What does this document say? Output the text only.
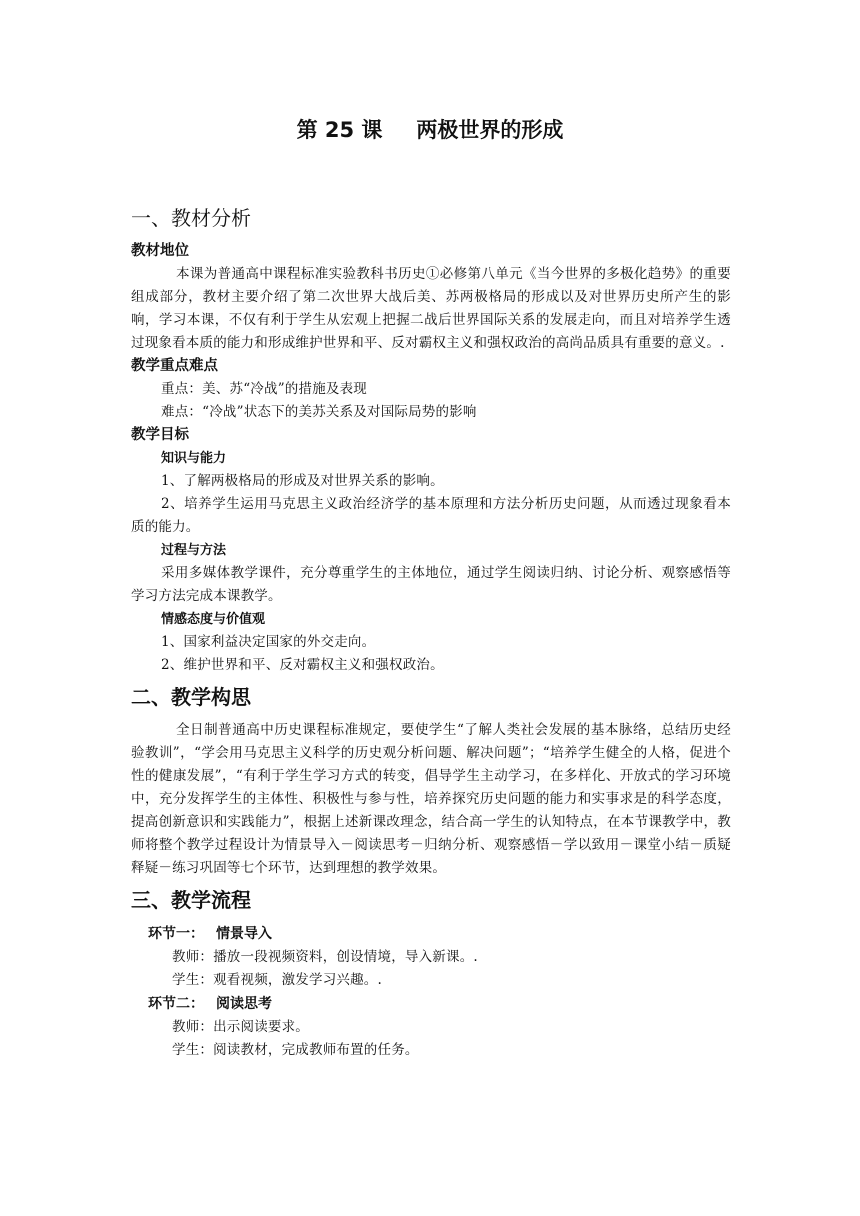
第 25 课 两极世界的形成
一、教材分析
教材地位

本课为普通高中课程标准实验教科书历史①必修第八单元《当今世界的多极化趋势》的重要组成部分，教材主要介绍了第二次世界大战后美、苏两极格局的形成以及对世界历史所产生的影响，学习本课，不仅有利于学生从宏观上把握二战后世界国际关系的发展走向，而且对培养学生透过现象看本质的能力和形成维护世界和平、反对霸权主义和强权政治的高尚品质具有重要的意义。.

教学重点难点

重点：美、苏“冷战”的措施及表现

难点：“冷战”状态下的美苏关系及对国际局势的影响

教学目标
知识与能力

1、了解两极格局的形成及对世界关系的影响。

2、培养学生运用马克思主义政治经济学的基本原理和方法分析历史问题，从而透过现象看本质的能力。

过程与方法

采用多媒体教学课件，充分尊重学生的主体地位，通过学生阅读归纳、讨论分析、观察感悟等学习方法完成本课教学。

情感态度与价值观

1、国家利益决定国家的外交走向。

2、维护世界和平、反对霸权主义和强权政治。

二、教学构思

全日制普通高中历史课程标准规定，要使学生“了解人类社会发展的基本脉络，总结历史经验教训”，“学会用马克思主义科学的历史观分析问题、解决问题”；“培养学生健全的人格，促进个性的健康发展”，“有利于学生学习方式的转变，倡导学生主动学习，在多样化、开放式的学习环境中，充分发挥学生的主体性、积极性与参与性，培养探究历史问题的能力和实事求是的科学态度，提高创新意识和实践能力”，根据上述新课改理念，结合高一学生的认知特点，在本节课教学中，教师将整个教学过程设计为情景导入－阅读思考－归纳分析、观察感悟－学以致用－课堂小结－质疑释疑－练习巩固等七个环节，达到理想的教学效果。

三、教学流程
环节一： 情景导入

教师：播放一段视频资料，创设情境，导入新课。.

学生：观看视频，激发学习兴趣。.

环节二： 阅读思考

教师：出示阅读要求。

学生：阅读教材，完成教师布置的任务。
